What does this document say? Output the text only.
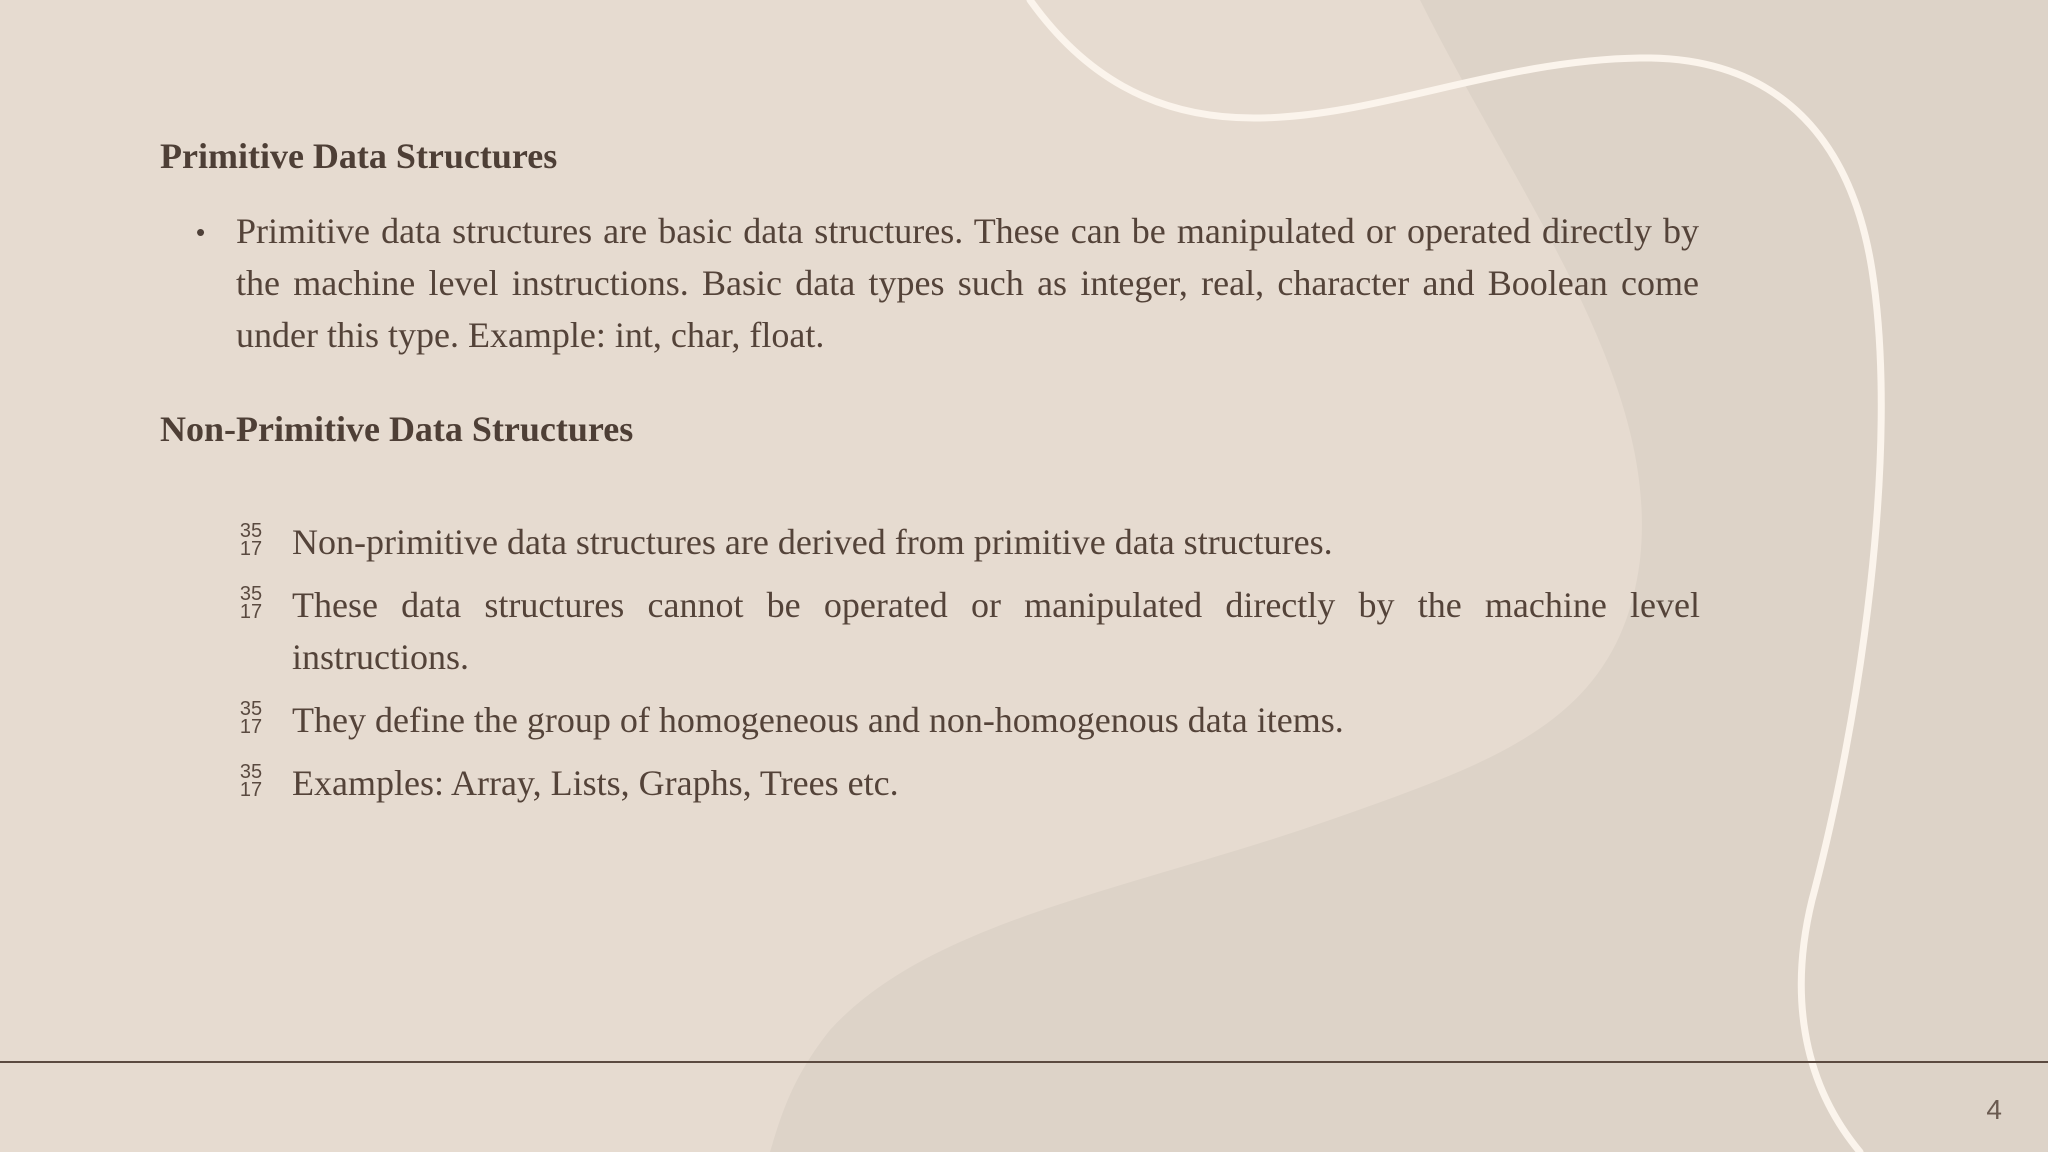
Primitive Data Structures
• Primitive data structures are basic data structures. These can be manipulated or operated directly by the machine level instructions. Basic data types such as integer, real, character and Boolean come under this type. Example: int, char, float.

Non-Primitive Data Structures
35
17 Non-primitive data structures are derived from primitive data structures.
35
17 These data structures cannot be operated or manipulated directly by the machine level instructions.
35
17 They define the group of homogeneous and non-homogenous data items.
35
17 Examples: Array, Lists, Graphs, Trees etc.
4
